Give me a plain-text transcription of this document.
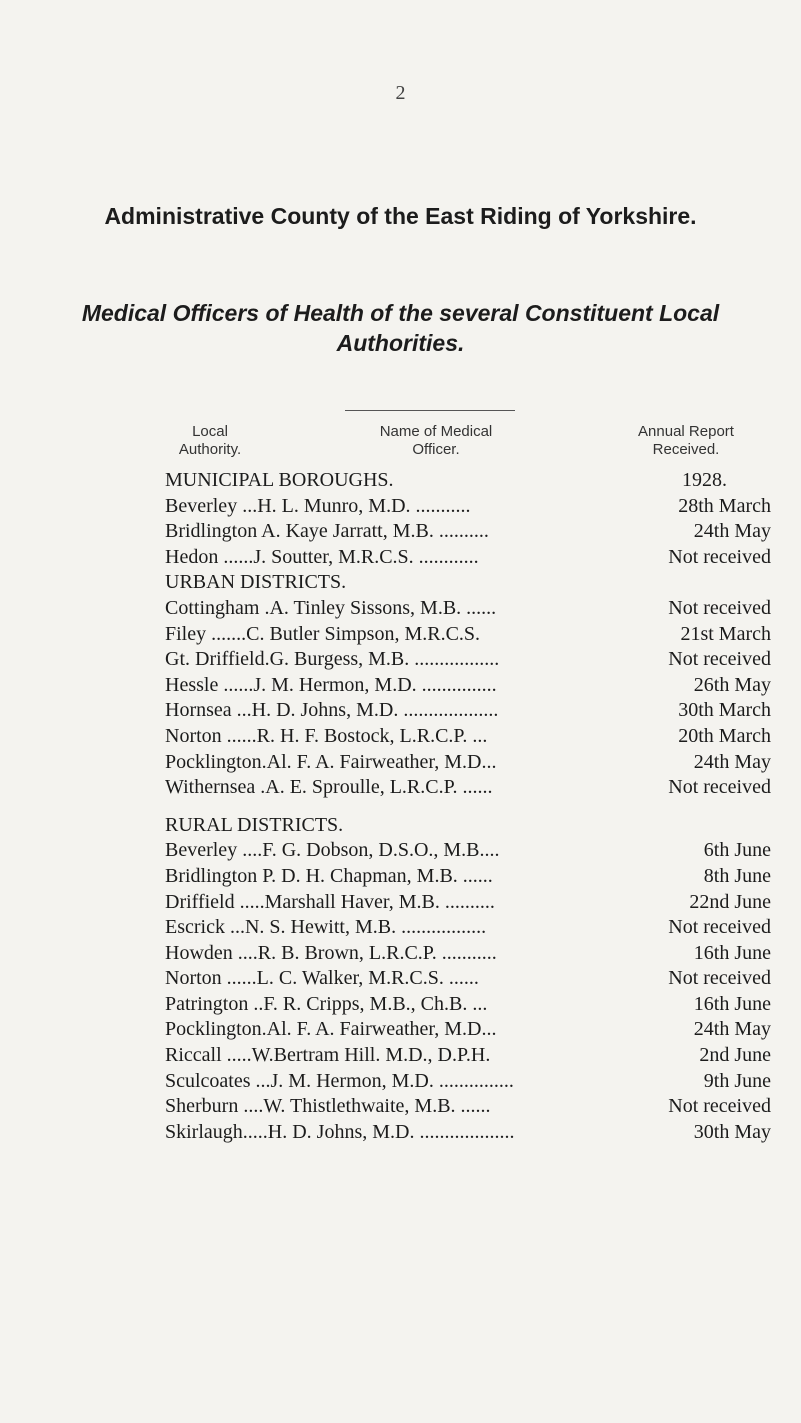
2
Administrative County of the East Riding of Yorkshire.
Medical Officers of Health of the several Constituent Local Authorities.
Local Authority.
Name of Medical Officer.
Annual Report Received.
MUNICIPAL BOROUGHS.	1928.
Beverley ...H. L. Munro, M.D. ...........	28th March
Bridlington A. Kaye Jarratt, M.B. ..........	24th May
Hedon ......J. Soutter, M.R.C.S. ............	Not received
URBAN DISTRICTS.
Cottingham .A. Tinley Sissons, M.B. ......	Not received
Filey .......C. Butler Simpson, M.R.C.S.	21st March
Gt. Driffield.G. Burgess, M.B. .................	Not received
Hessle ......J. M. Hermon, M.D. ...............	26th May
Hornsea ...H. D. Johns, M.D. ...................	30th March
Norton ......R. H. F. Bostock, L.R.C.P. ...	20th March
Pocklington.Al. F. A. Fairweather, M.D...	24th May
Withernsea .A. E. Sproulle, L.R.C.P. ......	Not received
RURAL DISTRICTS.
Beverley ....F. G. Dobson, D.S.O., M.B....	6th June
Bridlington P. D. H. Chapman, M.B. ......	8th June
Driffield .....Marshall Haver, M.B. ..........	22nd June
Escrick ...N. S. Hewitt, M.B. .................	Not received
Howden ....R. B. Brown, L.R.C.P. ...........	16th June
Norton ......L. C. Walker, M.R.C.S. ......	Not received
Patrington ..F. R. Cripps, M.B., Ch.B. ...	16th June
Pocklington.Al. F. A. Fairweather, M.D...	24th May
Riccall .....W.Bertram Hill. M.D., D.P.H.	2nd June
Sculcoates ...J. M. Hermon, M.D. ...............	9th June
Sherburn ....W. Thistlethwaite, M.B. ......	Not received
Skirlaugh.....H. D. Johns, M.D. ...................	30th May
